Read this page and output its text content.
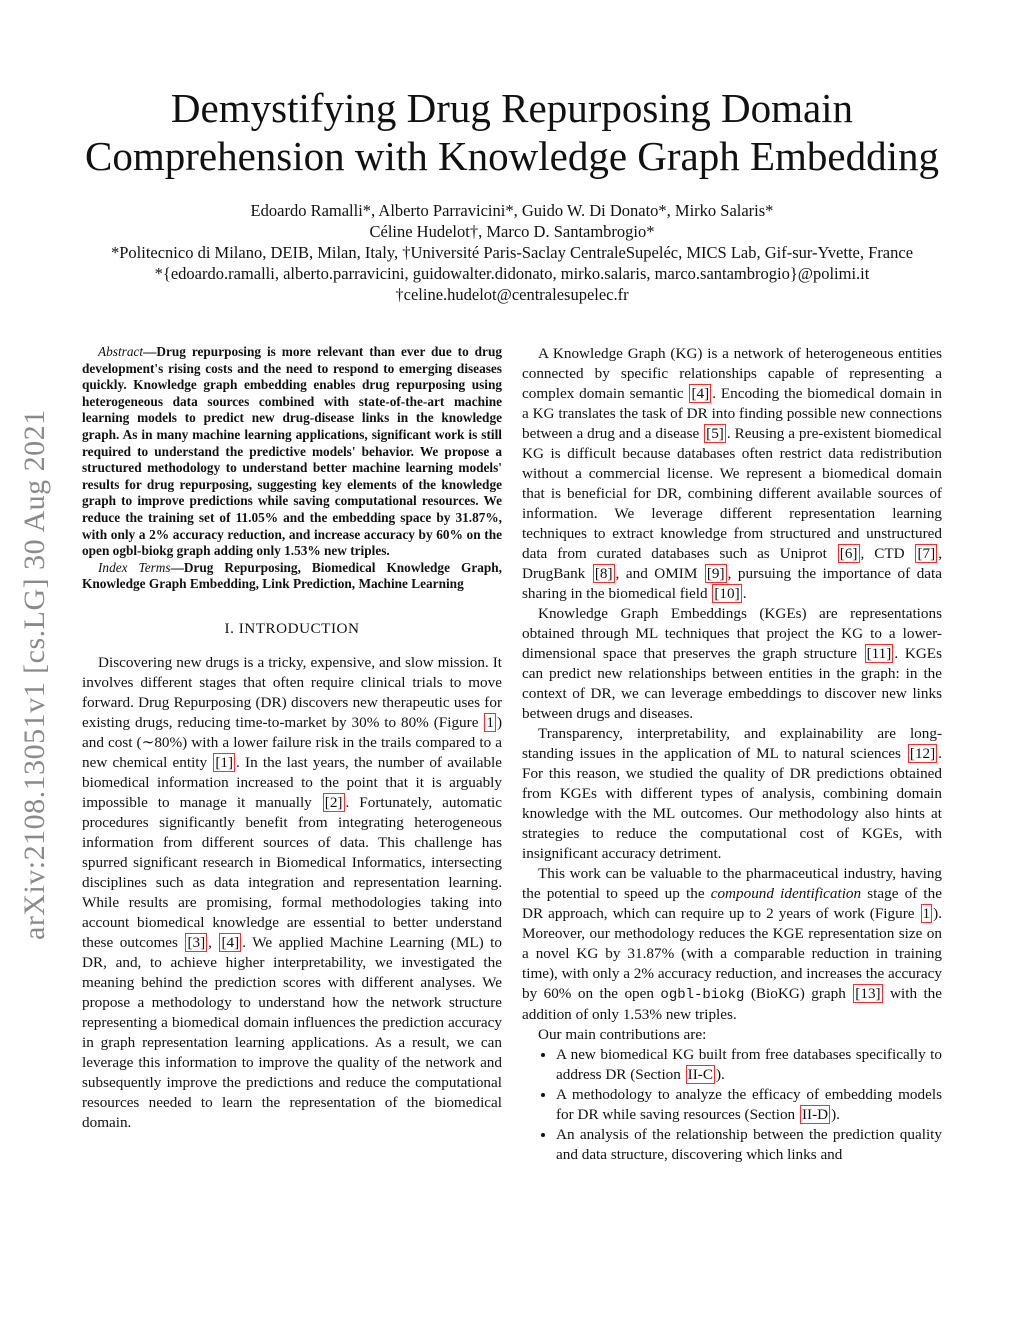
arXiv:2108.13051v1 [cs.LG] 30 Aug 2021
Demystifying Drug Repurposing Domain
Comprehension with Knowledge Graph Embedding
Edoardo Ramalli*, Alberto Parravicini*, Guido W. Di Donato*, Mirko Salaris*
Céline Hudelot†, Marco D. Santambrogio*
*Politecnico di Milano, DEIB, Milan, Italy, †Université Paris-Saclay CentraleSupeléc, MICS Lab, Gif-sur-Yvette, France
*{edoardo.ramalli, alberto.parravicini, guidowalter.didonato, mirko.salaris, marco.santambrogio}@polimi.it
†celine.hudelot@centralesupelec.fr

Abstract—Drug repurposing is more relevant than ever due to drug development's rising costs and the need to respond to emerging diseases quickly. Knowledge graph embedding enables drug repurposing using heterogeneous data sources combined with state-of-the-art machine learning models to predict new drug-disease links in the knowledge graph. As in many machine learning applications, significant work is still required to understand the predictive models' behavior. We propose a structured methodology to understand better machine learning models' results for drug repurposing, suggesting key elements of the knowledge graph to improve predictions while saving computational resources. We reduce the training set of 11.05% and the embedding space by 31.87%, with only a 2% accuracy reduction, and increase accuracy by 60% on the open ogbl-biokg graph adding only 1.53% new triples.

Index Terms—Drug Repurposing, Biomedical Knowledge Graph, Knowledge Graph Embedding, Link Prediction, Machine Learning

I. INTRODUCTION

Discovering new drugs is a tricky, expensive, and slow mission. It involves different stages that often require clinical trials to move forward. Drug Repurposing (DR) discovers new therapeutic uses for existing drugs, reducing time-to-market by 30% to 80% (Figure 1 ) and cost (∼80%) with a lower failure risk in the trails compared to a new chemical entity [1] . In the last years, the number of available biomedical information increased to the point that it is arguably impossible to manage it manually [2] . Fortunately, automatic procedures significantly benefit from integrating heterogeneous information from different sources of data. This challenge has spurred significant research in Biomedical Informatics, intersecting disciplines such as data integration and representation learning. While results are promising, formal methodologies taking into account biomedical knowledge are essential to better understand these outcomes [3] , [4] . We applied Machine Learning (ML) to DR, and, to achieve higher interpretability, we investigated the meaning behind the prediction scores with different analyses. We propose a methodology to understand how the network structure representing a biomedical domain influences the prediction accuracy in graph representation learning applications. As a result, we can leverage this information to improve the quality of the network and subsequently improve the predictions and reduce the computational resources needed to learn the representation of the biomedical domain.

A Knowledge Graph (KG) is a network of heterogeneous entities connected by specific relationships capable of representing a complex domain semantic [4] . Encoding the biomedical domain in a KG translates the task of DR into finding possible new connections between a drug and a disease [5] . Reusing a pre-existent biomedical KG is difficult because databases often restrict data redistribution without a commercial license. We represent a biomedical domain that is beneficial for DR, combining different available sources of information. We leverage different representation learning techniques to extract knowledge from structured and unstructured data from curated databases such as Uniprot [6] , CTD [7] , DrugBank [8] , and OMIM [9] , pursuing the importance of data sharing in the biomedical field [10] .

Knowledge Graph Embeddings (KGEs) are representations obtained through ML techniques that project the KG to a lower-dimensional space that preserves the graph structure [11] . KGEs can predict new relationships between entities in the graph: in the context of DR, we can leverage embeddings to discover new links between drugs and diseases.

Transparency, interpretability, and explainability are long-standing issues in the application of ML to natural sciences [12] . For this reason, we studied the quality of DR predictions obtained from KGEs with different types of analysis, combining domain knowledge with the ML outcomes. Our methodology also hints at strategies to reduce the computational cost of KGEs, with insignificant accuracy detriment.

This work can be valuable to the pharmaceutical industry, having the potential to speed up the compound identification stage of the DR approach, which can require up to 2 years of work (Figure 1 ). Moreover, our methodology reduces the KGE representation size on a novel KG by 31.87% (with a comparable reduction in training time), with only a 2% accuracy reduction, and increases the accuracy by 60% on the open ogbl-biokg (BioKG) graph [13] with the addition of only 1.53% new triples.

Our main contributions are:

• A new biomedical KG built from free databases specifically to address DR (Section II-C ).
• A methodology to analyze the efficacy of embedding models for DR while saving resources (Section II-D ).
• An analysis of the relationship between the prediction quality and data structure, discovering which links and
